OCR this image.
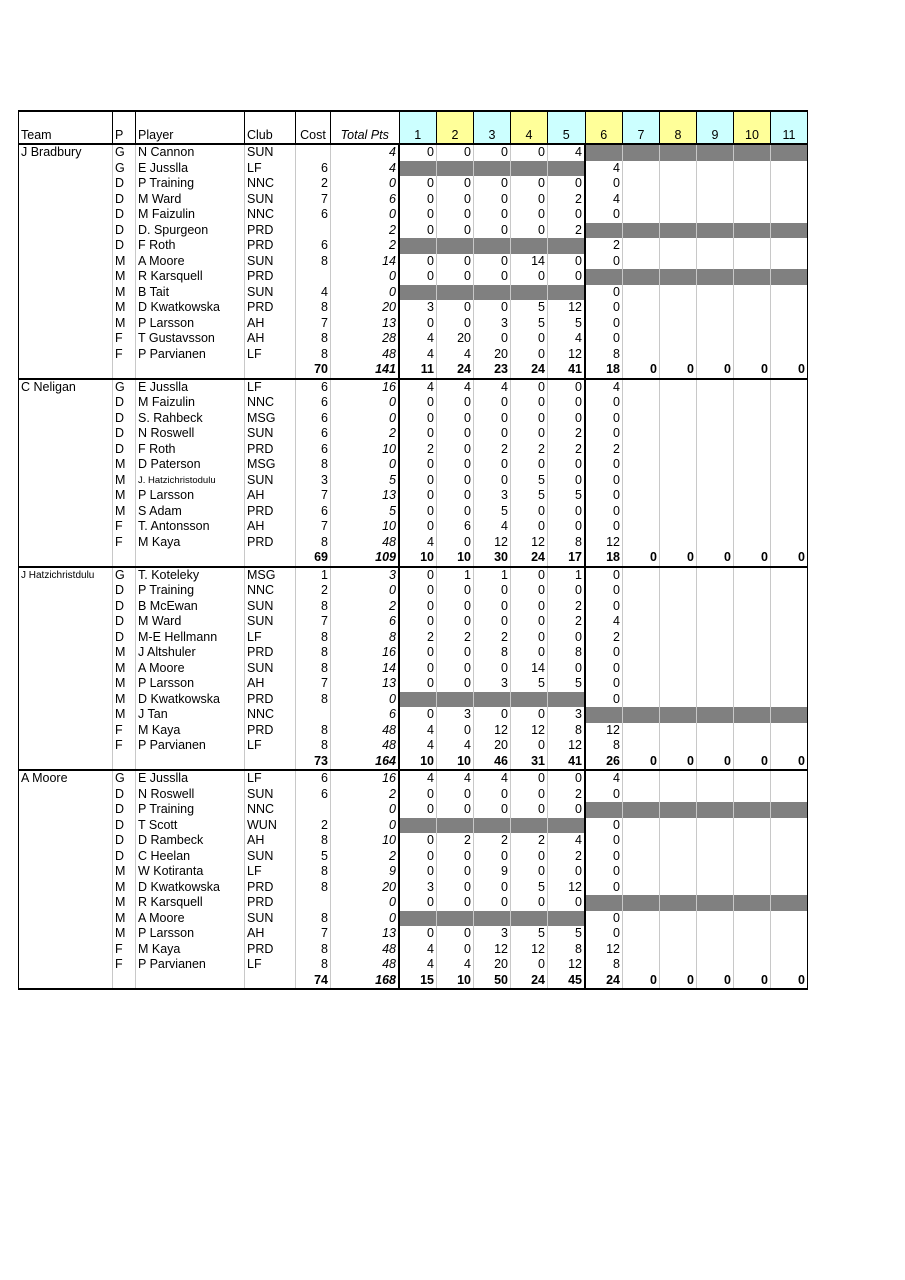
Team	P	Player	Club	Cost	Total Pts	1	2	3	4	5	6	7	8	9	10	11
J Bradbury	G	N Cannon	SUN		4	0	0	0	0	4						
	G	E Jusslla	LF	6	4						4					
	D	P Training	NNC	2	0	0	0	0	0	0	0					
	D	M Ward	SUN	7	6	0	0	0	0	2	4					
	D	M Faizulin	NNC	6	0	0	0	0	0	0	0					
	D	D. Spurgeon	PRD		2	0	0	0	0	2						
	D	F Roth	PRD	6	2						2					
	M	A Moore	SUN	8	14	0	0	0	14	0	0					
	M	R Karsquell	PRD		0	0	0	0	0	0						
	M	B Tait	SUN	4	0						0					
	M	D Kwatkowska	PRD	8	20	3	0	0	5	12	0					
	M	P Larsson	AH	7	13	0	0	3	5	5	0					
	F	T Gustavsson	AH	8	28	4	20	0	0	4	0					
	F	P Parvianen	LF	8	48	4	4	20	0	12	8					
				70	141	11	24	23	24	41	18	0	0	0	0	0
C Neligan	G	E Jusslla	LF	6	16	4	4	4	0	0	4					
	D	M Faizulin	NNC	6	0	0	0	0	0	0	0					
	D	S. Rahbeck	MSG	6	0	0	0	0	0	0	0					
	D	N Roswell	SUN	6	2	0	0	0	0	2	0					
	D	F Roth	PRD	6	10	2	0	2	2	2	2					
	M	D Paterson	MSG	8	0	0	0	0	0	0	0					
	M	J. Hatzichristodulu	SUN	3	5	0	0	0	5	0	0					
	M	P Larsson	AH	7	13	0	0	3	5	5	0					
	M	S Adam	PRD	6	5	0	0	5	0	0	0					
	F	T. Antonsson	AH	7	10	0	6	4	0	0	0					
	F	M Kaya	PRD	8	48	4	0	12	12	8	12					
				69	109	10	10	30	24	17	18	0	0	0	0	0
J Hatzichristdulu	G	T. Koteleky	MSG	1	3	0	1	1	0	1	0					
	D	P Training	NNC	2	0	0	0	0	0	0	0					
	D	B McEwan	SUN	8	2	0	0	0	0	2	0					
	D	M Ward	SUN	7	6	0	0	0	0	2	4					
	D	M-E Hellmann	LF	8	8	2	2	2	0	0	2					
	M	J Altshuler	PRD	8	16	0	0	8	0	8	0					
	M	A Moore	SUN	8	14	0	0	0	14	0	0					
	M	P Larsson	AH	7	13	0	0	3	5	5	0					
	M	D Kwatkowska	PRD	8	0						0					
	M	J Tan	NNC		6	0	3	0	0	3						
	F	M Kaya	PRD	8	48	4	0	12	12	8	12					
	F	P Parvianen	LF	8	48	4	4	20	0	12	8					
				73	164	10	10	46	31	41	26	0	0	0	0	0
A Moore	G	E Jusslla	LF	6	16	4	4	4	0	0	4					
	D	N Roswell	SUN	6	2	0	0	0	0	2	0					
	D	P Training	NNC		0	0	0	0	0	0						
	D	T Scott	WUN	2	0						0					
	D	D Rambeck	AH	8	10	0	2	2	2	4	0					
	D	C Heelan	SUN	5	2	0	0	0	0	2	0					
	M	W Kotiranta	LF	8	9	0	0	9	0	0	0					
	M	D Kwatkowska	PRD	8	20	3	0	0	5	12	0					
	M	R Karsquell	PRD		0	0	0	0	0	0						
	M	A Moore	SUN	8	0						0					
	M	P Larsson	AH	7	13	0	0	3	5	5	0					
	F	M Kaya	PRD	8	48	4	0	12	12	8	12					
	F	P Parvianen	LF	8	48	4	4	20	0	12	8					
				74	168	15	10	50	24	45	24	0	0	0	0	0
